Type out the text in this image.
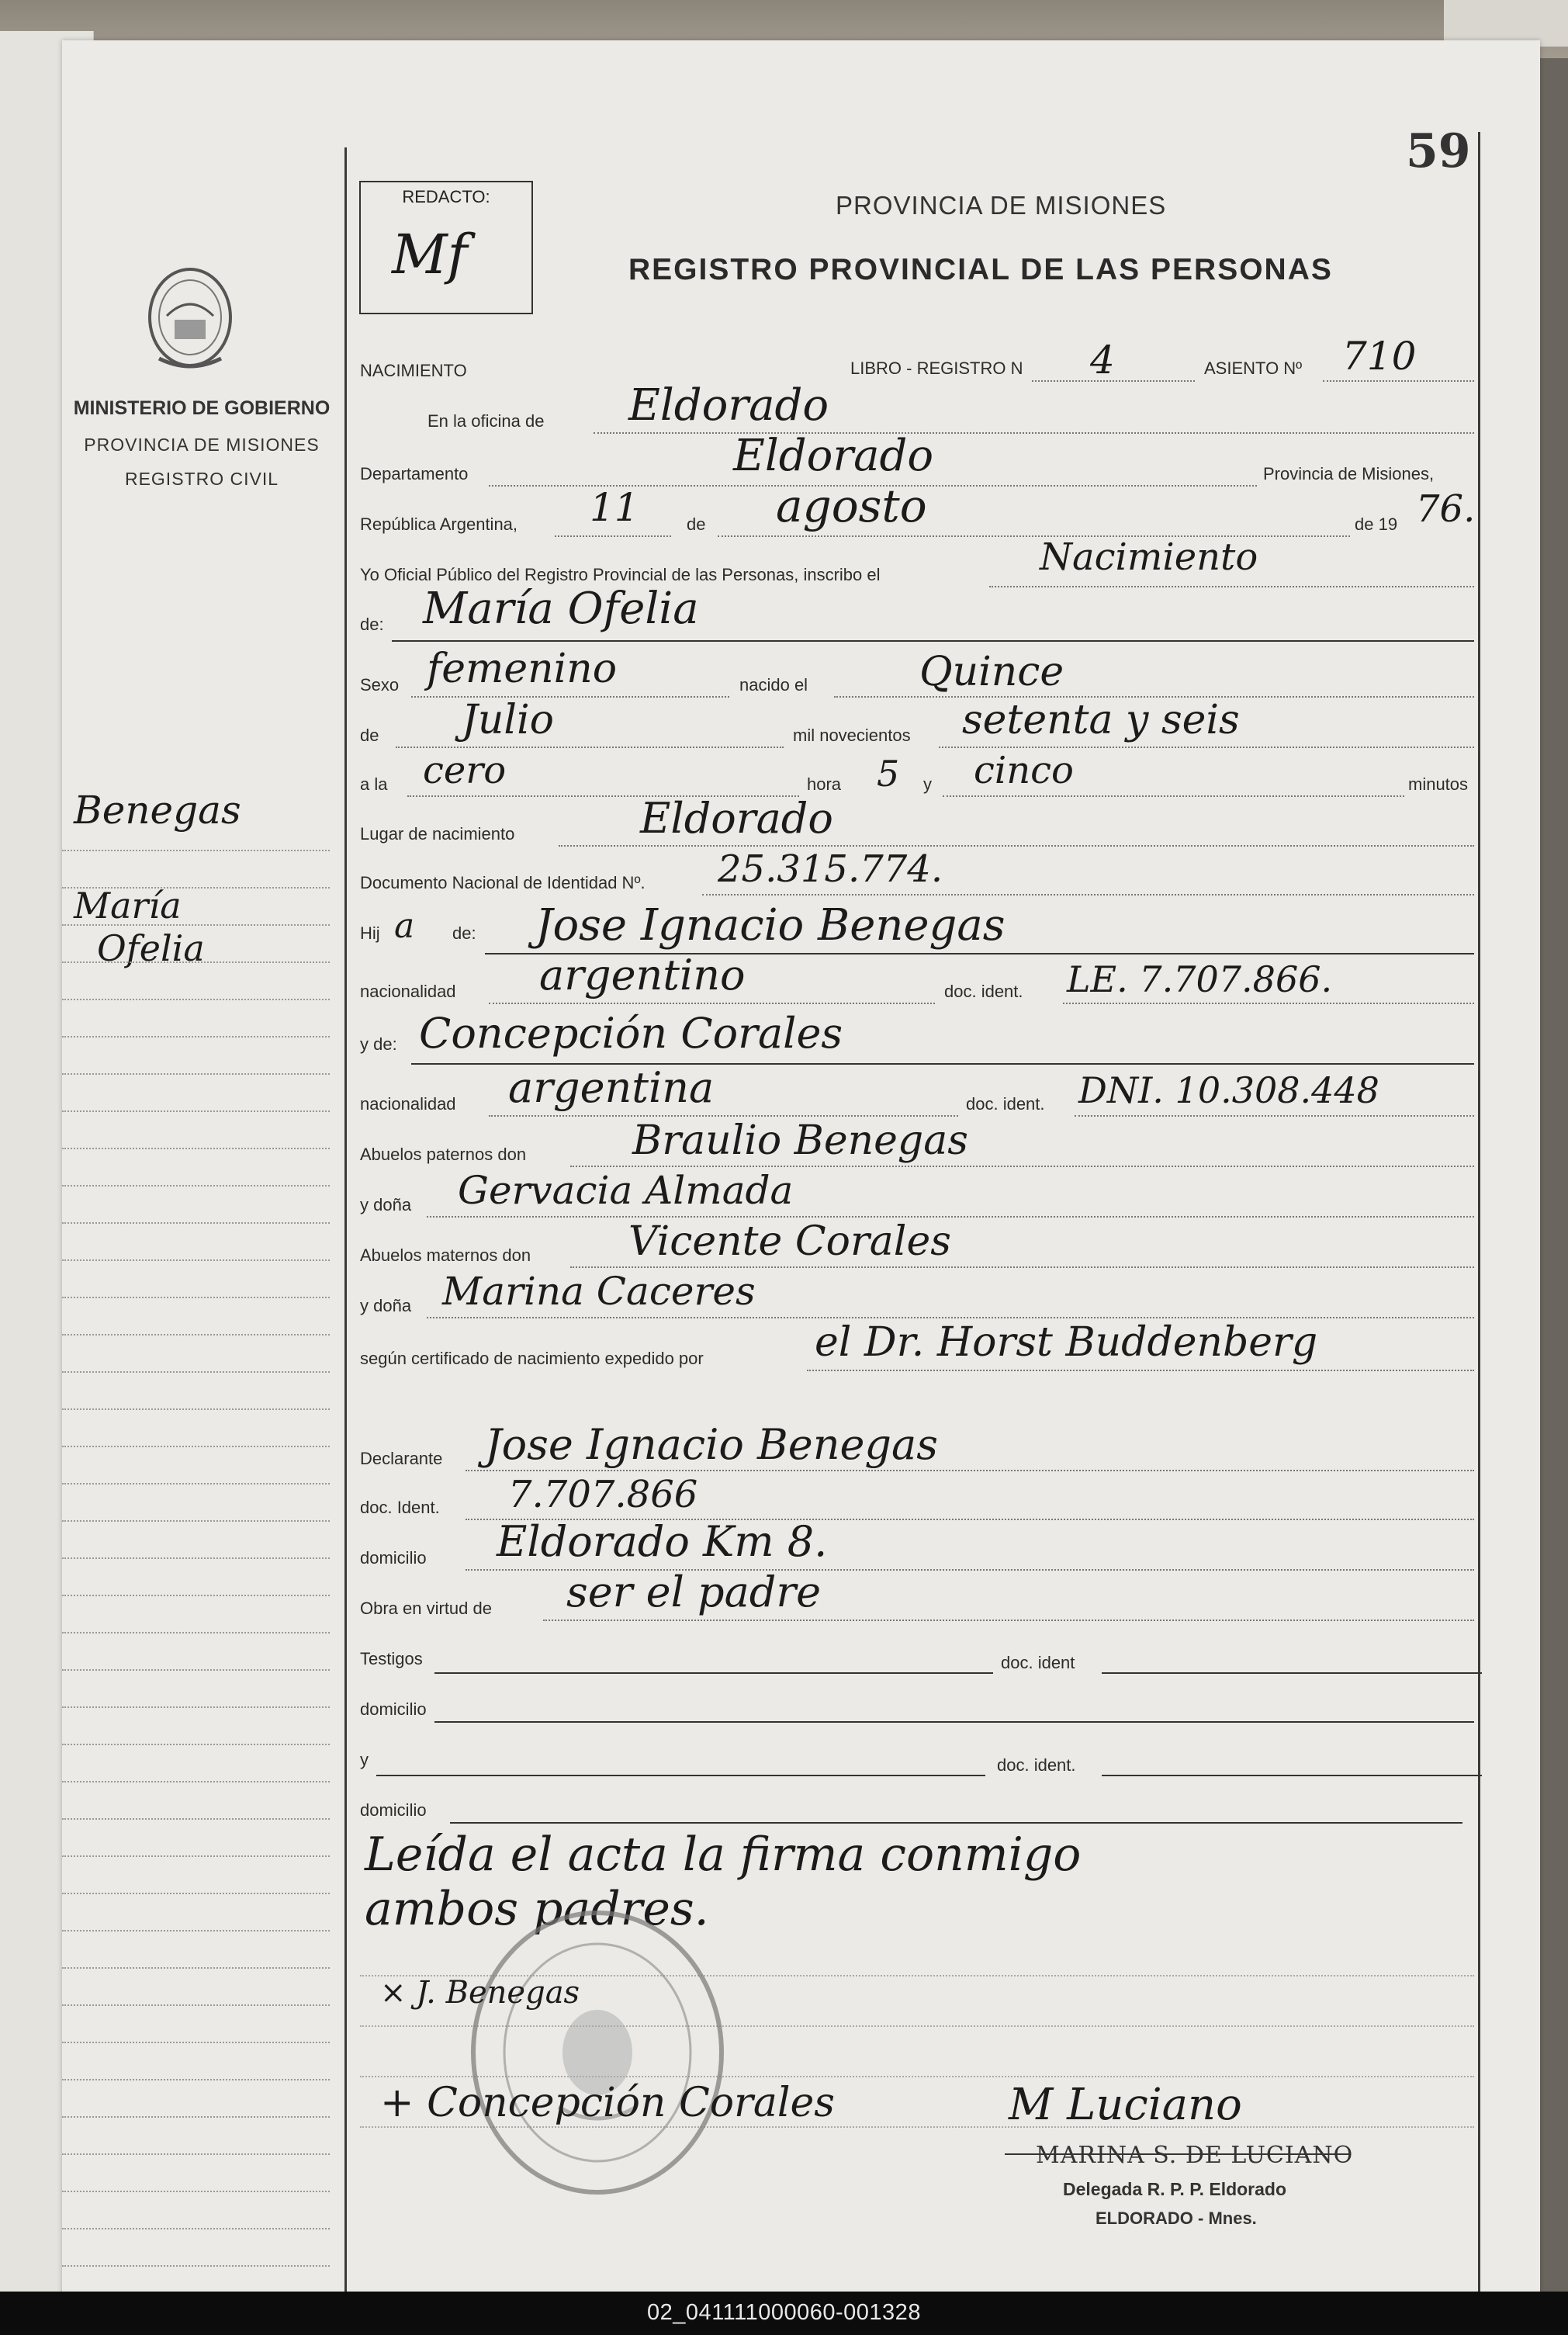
59
REDACTO:
Mf
PROVINCIA DE MISIONES
REGISTRO PROVINCIAL DE LAS PERSONAS
MINISTERIO DE GOBIERNO
PROVINCIA DE MISIONES
REGISTRO CIVIL
Benegas
María
Ofelia
NACIMIENTO	LIBRO - REGISTRO N 4	ASIENTO Nº 710
En la oficina de Eldorado
Departamento	Eldorado	Provincia de Misiones,
República Argentina, 11	de agosto	de 19 76.
Yo Oficial Público del Registro Provincial de las Personas, inscribo el	Nacimiento
de: María Ofelia
Sexo femenino	nacido el	Quince
de Julio	mil novecientos setenta y seis
a la cero	hora 5 y cinco	minutos
Lugar de nacimiento	Eldorado
Documento Nacional de Identidad Nº. 25.315.774.
Hij a de: Jose Ignacio Benegas
nacionalidad argentino	doc. ident. LE. 7.707.866.
y de: Concepción Corales
nacionalidad argentina	doc. ident. DNI. 10.308.448
Abuelos paternos don	Braulio Benegas
y doña Gervacia Almada
Abuelos maternos don Vicente Corales
y doña Marina Caceres
según certificado de nacimiento expedido por	el Dr. Horst Buddenberg
Declarante Jose Ignacio Benegas
doc. Ident. 7.707.866
domicilio Eldorado Km 8.
Obra en virtud de ser el padre
Testigos	doc. ident
domicilio
y	doc. ident.
domicilio
Leída el acta la firma conmigo
ambos padres.
× J. Benegas
+ Concepción Corales	M Luciano
MARINA S. DE LUCIANO
Delegada R. P. P. Eldorado
ELDORADO - Mnes.
02_041111000060-001328
